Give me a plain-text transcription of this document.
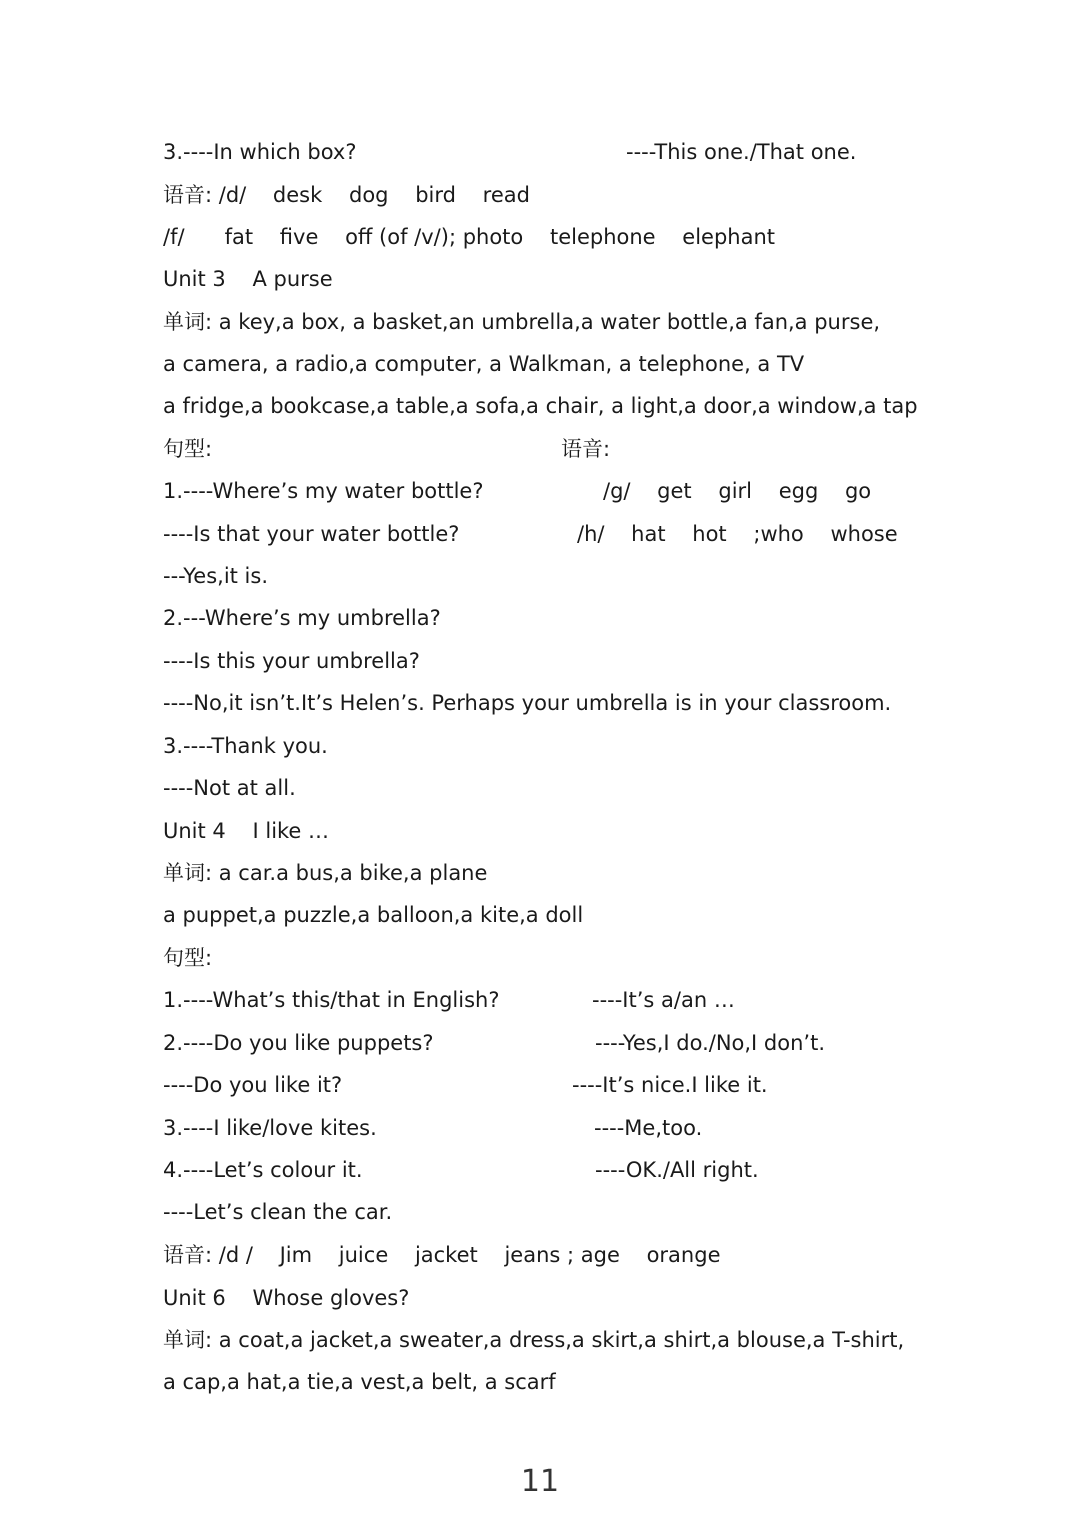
3.----In which box?
语音: /d/    desk    dog    bird    read
/f/      fat    five    off (of /v/); photo    telephone    elephant
Unit 3    A purse
单词: a key,a box, a basket,an umbrella,a water bottle,a fan,a purse,
a camera, a radio,a computer, a Walkman, a telephone, a TV
a fridge,a bookcase,a table,a sofa,a chair, a light,a door,a window,a tap
句型:
1.----Where’s my water bottle?
----Is that your water bottle?
---Yes,it is.
2.---Where’s my umbrella?
----Is this your umbrella?
----No,it isn’t.It’s Helen’s. Perhaps your umbrella is in your classroom.
3.----Thank you.
----Not at all.
Unit 4    I like …
单词: a car.a bus,a bike,a plane
a puppet,a puzzle,a balloon,a kite,a doll
句型:
1.----What’s this/that in English?
2.----Do you like puppets?
----Do you like it?
3.----I like/love kites.
4.----Let’s colour it.
----Let’s clean the car.
语音: /d /    Jim    juice    jacket    jeans ; age    orange
Unit 6    Whose gloves?
单词: a coat,a jacket,a sweater,a dress,a skirt,a shirt,a blouse,a T-shirt,
a cap,a hat,a tie,a vest,a belt, a scarf
----This one./That one.
语音:
/g/    get    girl    egg    go
/h/    hat    hot    ;who    whose
----It’s a/an …
----Yes,I do./No,I don’t.
----It’s nice.I like it.
----Me,too.
----OK./All right.
11
